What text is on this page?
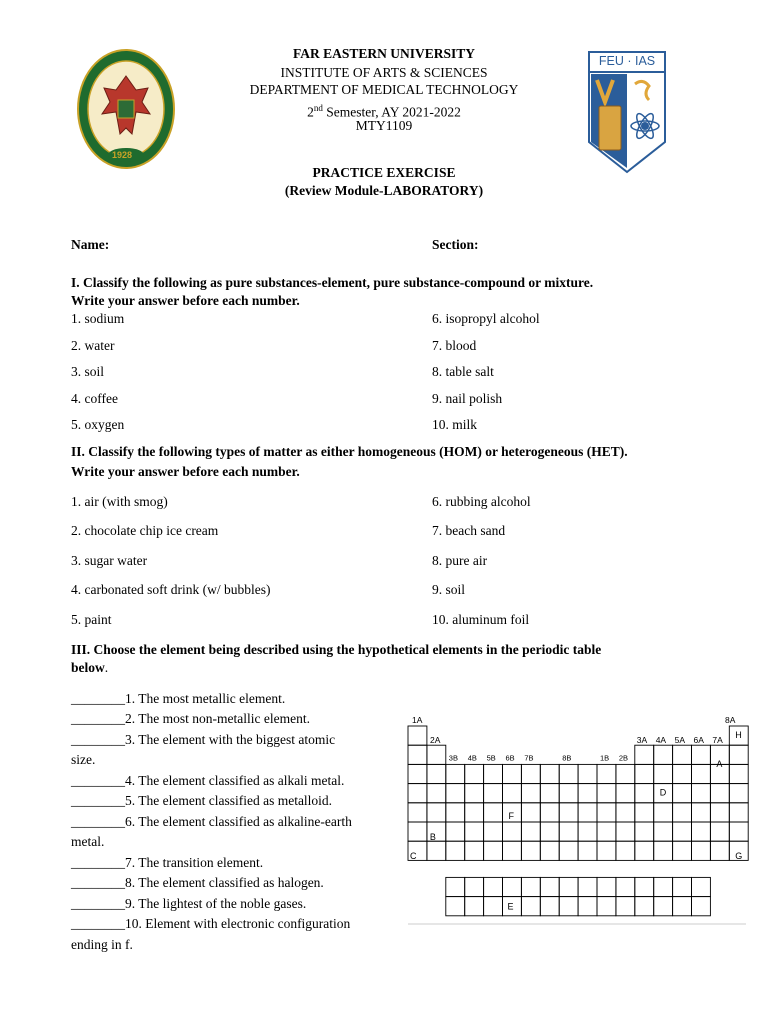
1928
FEU · IAS
FAR EASTERN UNIVERSITY
INSTITUTE OF ARTS & SCIENCES
DEPARTMENT OF MEDICAL TECHNOLOGY
2nd Semester, AY 2021-2022
MTY1109
PRACTICE EXERCISE
(Review Module-LABORATORY)
Name:	Section:
I. Classify the following as pure substances-element, pure substance-compound or mixture.
Write your answer before each number.
1. sodium
2. water
3. soil
4. coffee
5. oxygen
6. isopropyl alcohol
7. blood
8. table salt
9. nail polish
10. milk
II. Classify the following types of matter as either homogeneous (HOM) or heterogeneous (HET).
Write your answer before each number.
1. air (with smog)
2. chocolate chip ice cream
3. sugar water
4. carbonated soft drink (w/ bubbles)
5. paint
6. rubbing alcohol
7. beach sand
8. pure air
9. soil
10. aluminum foil
III. Choose the element being described using the hypothetical elements in the periodic table
below.
________1. The most metallic element.
________2. The most non-metallic element.
________3. The element with the biggest atomic
size.
________4. The element classified as alkali metal.
________5. The element classified as metalloid.
________6. The element classified as alkaline-earth
metal.
________7. The transition element.
________8. The element classified as halogen.
________9. The lightest of the noble gases.
________10. Element with electronic configuration
ending in f.
1A
2A
3B 4B 5B 6B 7B	8B	1B 2B
3A 4A 5A 6A 7A
8A
H
A
D
F
B
C	G
E
